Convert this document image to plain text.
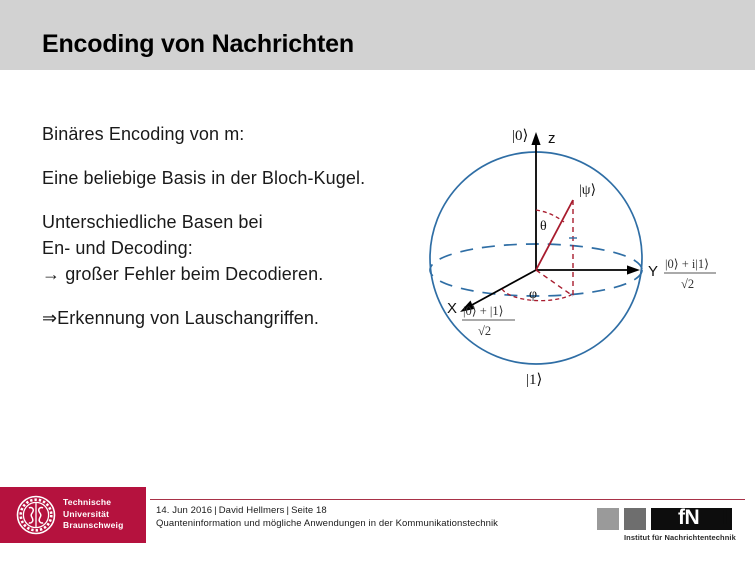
Encoding von Nachrichten

Binäres Encoding von m:

Eine beliebige Basis in der Bloch-Kugel.

Unterschiedliche Basen bei

En- und Decoding:

→ großer Fehler beim Decodieren.

⇒Erkennung von Lauschangriffen.

|0⟩ z
Y
X
|1⟩
|ψ⟩
θ
φ
|0⟩ + i|1⟩
√2
|0⟩ + |1⟩
√2
Technische
Universität
Braunschweig
14. Jun 2016 | David Hellmers | Seite 18
Quanteninformation und mögliche Anwendungen in der Kommunikationstechnik	fN I
Institut für Nachrichtentechnik
